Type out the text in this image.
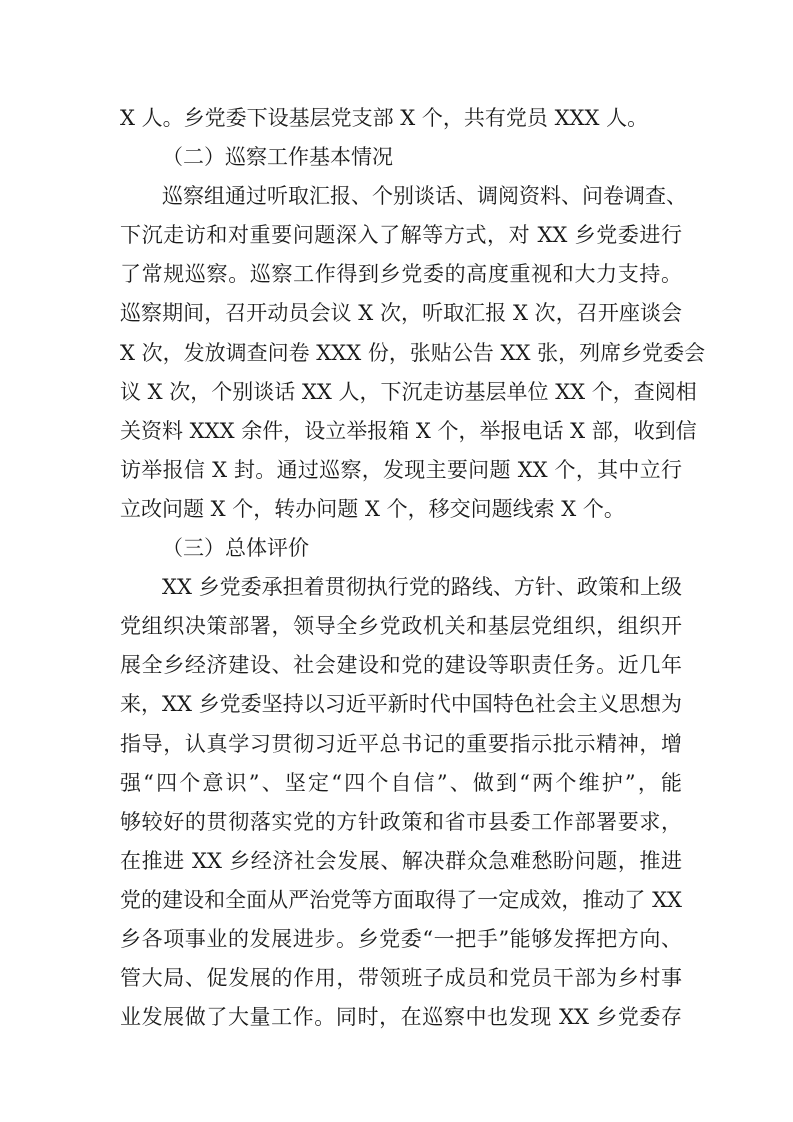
X 人。乡党委下设基层党支部 X 个，共有党员 XXX 人。
（二）巡察工作基本情况
巡察组通过听取汇报、个别谈话、调阅资料、问卷调查、
下沉走访和对重要问题深入了解等方式，对 XX 乡党委进行
了常规巡察。巡察工作得到乡党委的高度重视和大力支持。
巡察期间，召开动员会议 X 次，听取汇报 X 次，召开座谈会
X 次，发放调查问卷 XXX 份，张贴公告 XX 张，列席乡党委会
议 X 次，个别谈话 XX 人，下沉走访基层单位 XX 个，查阅相
关资料 XXX 余件，设立举报箱 X 个，举报电话 X 部，收到信
访举报信 X 封。通过巡察，发现主要问题 XX 个，其中立行
立改问题 X 个，转办问题 X 个，移交问题线索 X 个。
（三）总体评价
XX 乡党委承担着贯彻执行党的路线、方针、政策和上级
党组织决策部署，领导全乡党政机关和基层党组织，组织开
展全乡经济建设、社会建设和党的建设等职责任务。近几年
来，XX 乡党委坚持以习近平新时代中国特色社会主义思想为
指导，认真学习贯彻习近平总书记的重要指示批示精神，增
强“四个意识”、坚定“四个自信”、做到“两个维护”，能
够较好的贯彻落实党的方针政策和省市县委工作部署要求，
在推进 XX 乡经济社会发展、解决群众急难愁盼问题，推进
党的建设和全面从严治党等方面取得了一定成效，推动了 XX
乡各项事业的发展进步。乡党委“一把手”能够发挥把方向、
管大局、促发展的作用，带领班子成员和党员干部为乡村事
业发展做了大量工作。同时，在巡察中也发现 XX 乡党委存
